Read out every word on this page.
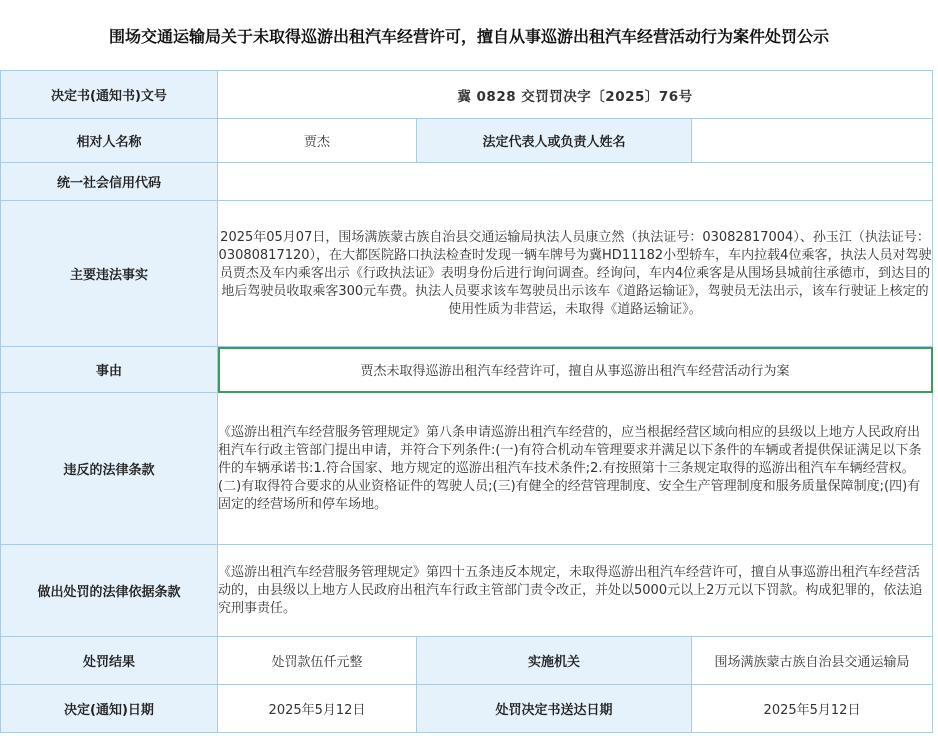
围场交通运输局关于未取得巡游出租汽车经营许可，擅自从事巡游出租汽车经营活动行为案件处罚公示
决定书(通知书)文号	冀 0828 交罚罚决字〔2025〕76号		
相对人名称	贾杰	法定代表人或负责人姓名	
统一社会信用代码			
主要违法事实	2025年05月07日，围场满族蒙古族自治县交通运输局执法人员康立然（执法证号：03082817004）、孙玉江（执法证号：03080817120），在大都医院路口执法检查时发现一辆车牌号为冀HD11182小型轿车，车内拉载4位乘客，执法人员对驾驶员贾杰及车内乘客出示《行政执法证》表明身份后进行询问调查。经询问，车内4位乘客是从围场县城前往承德市，到达目的地后驾驶员收取乘客300元车费。执法人员要求该车驾驶员出示该车《道路运输证》，驾驶员无法出示，该车行驶证上核定的使用性质为非营运，未取得《道路运输证》。		

事由	贾杰未取得巡游出租汽车经营许可，擅自从事巡游出租汽车经营活动行为案		
违反的法律条款	《巡游出租汽车经营服务管理规定》第八条申请巡游出租汽车经营的，应当根据经营区域向相应的县级以上地方人民政府出租汽车行政主管部门提出申请，并符合下列条件:(一)有符合机动车管理要求并满足以下条件的车辆或者提供保证满足以下条件的车辆承诺书:1.符合国家、地方规定的巡游出租汽车技术条件;2.有按照第十三条规定取得的巡游出租汽车车辆经营权。(二)有取得符合要求的从业资格证件的驾驶人员;(三)有健全的经营管理制度、安全生产管理制度和服务质量保障制度;(四)有固定的经营场所和停车场地。		

做出处罚的法律依据条款	《巡游出租汽车经营服务管理规定》第四十五条违反本规定，未取得巡游出租汽车经营许可，擅自从事巡游出租汽车经营活动的，由县级以上地方人民政府出租汽车行政主管部门责令改正，并处以5000元以上2万元以下罚款。构成犯罪的，依法追究刑事责任。		

处罚结果	处罚款伍仟元整	实施机关	围场满族蒙古族自治县交通运输局
决定(通知)日期	2025年5月12日	处罚决定书送达日期	2025年5月12日
